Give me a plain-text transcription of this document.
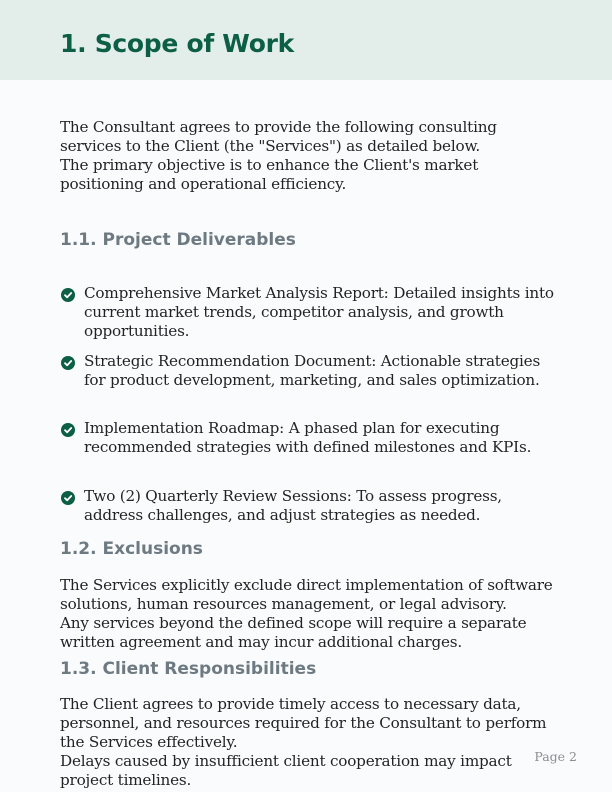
1. Scope of Work

The Consultant agrees to provide the following consulting services to the Client (the "Services") as detailed below.
The primary objective is to enhance the Client's market positioning and operational efficiency.

1.1. Project Deliverables

Comprehensive Market Analysis Report: Detailed insights into current market trends, competitor analysis, and growth opportunities.

Strategic Recommendation Document: Actionable strategies for product development, marketing, and sales optimization.

Implementation Roadmap: A phased plan for executing recommended strategies with defined milestones and KPIs.

Two (2) Quarterly Review Sessions: To assess progress, address challenges, and adjust strategies as needed.

1.2. Exclusions

The Services explicitly exclude direct implementation of software solutions, human resources management, or legal advisory.
Any services beyond the defined scope will require a separate written agreement and may incur additional charges.

1.3. Client Responsibilities

The Client agrees to provide timely access to necessary data, personnel, and resources required for the Consultant to perform the Services effectively.
Delays caused by insufficient client cooperation may impact project timelines.

Page 2
